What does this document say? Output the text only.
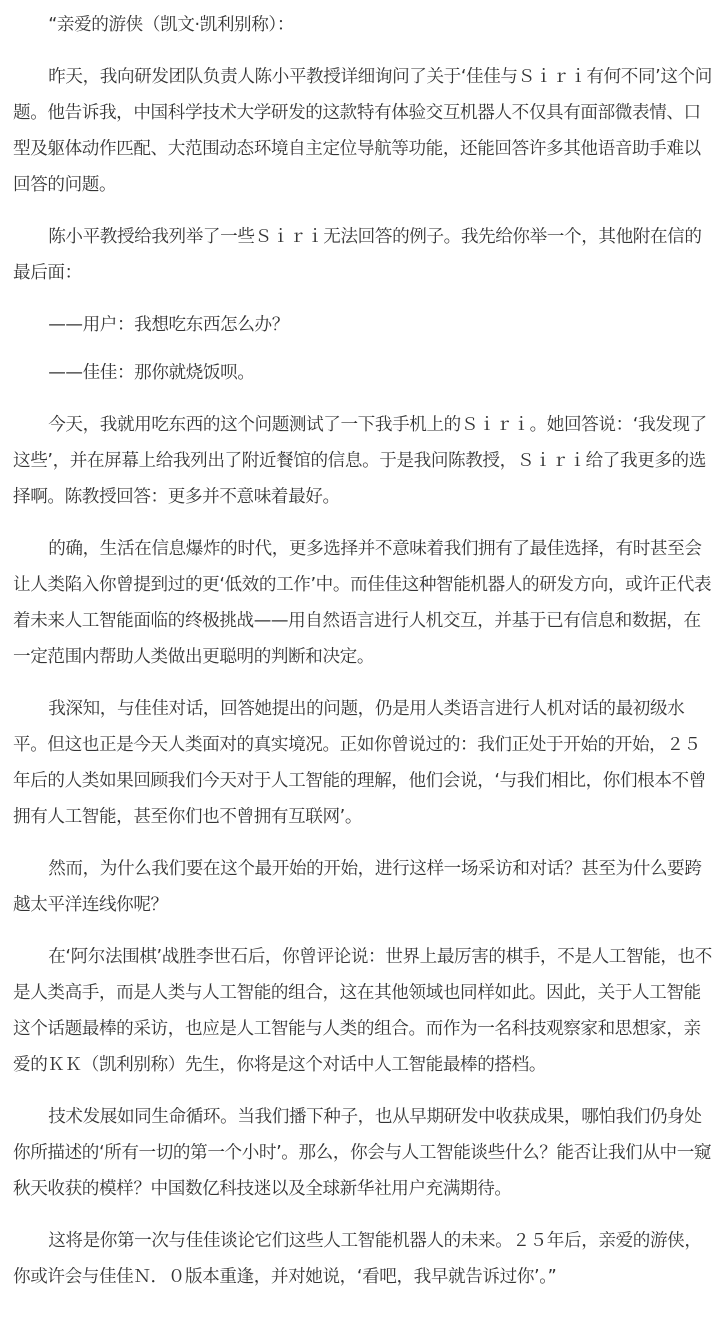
“亲爱的游侠（凯文·凯利别称）：

昨天，我向研发团队负责人陈小平教授详细询问了关于‘佳佳与Ｓｉｒｉ有何不同’这个问题。他告诉我，中国科学技术大学研发的这款特有体验交互机器人不仅具有面部微表情、口型及躯体动作匹配、大范围动态环境自主定位导航等功能，还能回答许多其他语音助手难以回答的问题。

陈小平教授给我列举了一些Ｓｉｒｉ无法回答的例子。我先给你举一个，其他附在信的最后面：

——用户：我想吃东西怎么办？

——佳佳：那你就烧饭呗。

今天，我就用吃东西的这个问题测试了一下我手机上的Ｓｉｒｉ。她回答说：‘我发现了这些’，并在屏幕上给我列出了附近餐馆的信息。于是我问陈教授，Ｓｉｒｉ给了我更多的选择啊。陈教授回答：更多并不意味着最好。

的确，生活在信息爆炸的时代，更多选择并不意味着我们拥有了最佳选择，有时甚至会让人类陷入你曾提到过的更‘低效的工作’中。而佳佳这种智能机器人的研发方向，或许正代表着未来人工智能面临的终极挑战——用自然语言进行人机交互，并基于已有信息和数据，在一定范围内帮助人类做出更聪明的判断和决定。

我深知，与佳佳对话，回答她提出的问题，仍是用人类语言进行人机对话的最初级水平。但这也正是今天人类面对的真实境况。正如你曾说过的：我们正处于开始的开始，２５年后的人类如果回顾我们今天对于人工智能的理解，他们会说，‘与我们相比，你们根本不曾拥有人工智能，甚至你们也不曾拥有互联网’。

然而，为什么我们要在这个最开始的开始，进行这样一场采访和对话？甚至为什么要跨越太平洋连线你呢？

在‘阿尔法围棋’战胜李世石后，你曾评论说：世界上最厉害的棋手，不是人工智能，也不是人类高手，而是人类与人工智能的组合，这在其他领域也同样如此。因此，关于人工智能这个话题最棒的采访，也应是人工智能与人类的组合。而作为一名科技观察家和思想家，亲爱的ＫＫ（凯利别称）先生，你将是这个对话中人工智能最棒的搭档。

技术发展如同生命循环。当我们播下种子，也从早期研发中收获成果，哪怕我们仍身处你所描述的‘所有一切的第一个小时’。那么，你会与人工智能谈些什么？能否让我们从中一窥秋天收获的模样？中国数亿科技迷以及全球新华社用户充满期待。

这将是你第一次与佳佳谈论它们这些人工智能机器人的未来。２５年后，亲爱的游侠，你或许会与佳佳Ｎ．０版本重逢，并对她说，‘看吧，我早就告诉过你’。”
